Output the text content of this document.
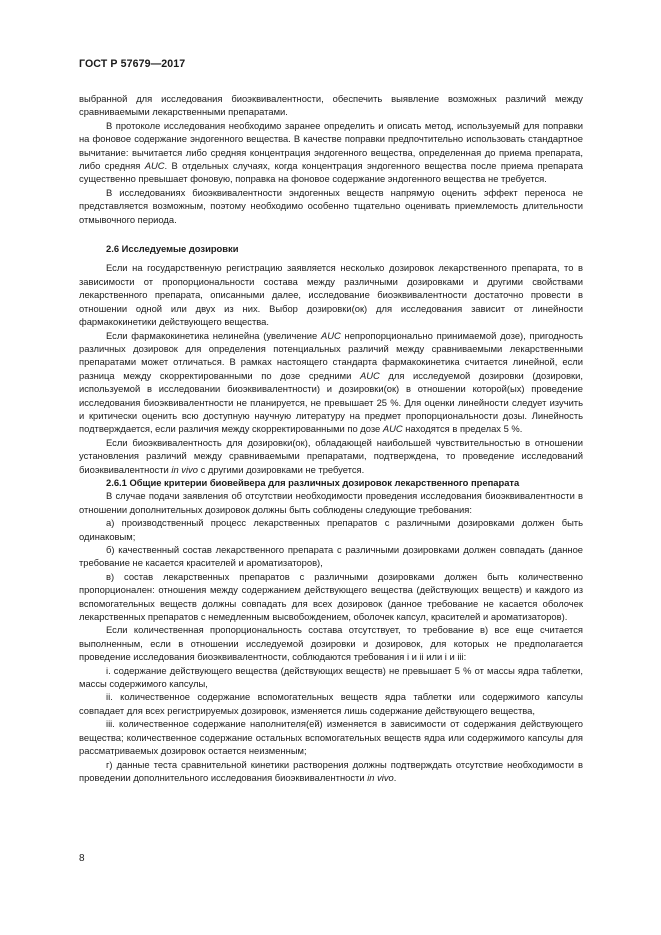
ГОСТ Р 57679—2017

выбранной для исследования биоэквивалентности, обеспечить выявление возможных различий между сравниваемыми лекарственными препаратами.

В протоколе исследования необходимо заранее определить и описать метод, используемый для поправки на фоновое содержание эндогенного вещества. В качестве поправки предпочтительно использовать стандартное вычитание: вычитается либо средняя концентрация эндогенного вещества, определенная до приема препарата, либо средняя AUC. В отдельных случаях, когда концентрация эндогенного вещества после приема препарата существенно превышает фоновую, поправка на фоновое содержание эндогенного вещества не требуется.

В исследованиях биоэквивалентности эндогенных веществ напрямую оценить эффект переноса не представляется возможным, поэтому необходимо особенно тщательно оценивать приемлемость длительности отмывочного периода.

2.6 Исследуемые дозировки

Если на государственную регистрацию заявляется несколько дозировок лекарственного препарата, то в зависимости от пропорциональности состава между различными дозировками и другими свойствами лекарственного препарата, описанными далее, исследование биоэквивалентности достаточно провести в отношении одной или двух из них. Выбор дозировки(ок) для исследования зависит от линейности фармакокинетики действующего вещества.

Если фармакокинетика нелинейна (увеличение AUC непропорционально принимаемой дозе), пригодность различных дозировок для определения потенциальных различий между сравниваемыми лекарственными препаратами может отличаться. В рамках настоящего стандарта фармакокинетика считается линейной, если разница между скорректированными по дозе средними AUC для исследуемой дозировки (дозировки, используемой в исследовании биоэквивалентности) и дозировки(ок) в отношении которой(ых) проведение исследования биоэквивалентности не планируется, не превышает 25 %. Для оценки линейности следует изучить и критически оценить всю доступную научную литературу на предмет пропорциональности дозы. Линейность подтверждается, если различия между скорректированными по дозе AUC находятся в пределах 5 %.

Если биоэквивалентность для дозировки(ок), обладающей наибольшей чувствительностью в отношении установления различий между сравниваемыми препаратами, подтверждена, то проведение исследований биоэквивалентности in vivo с другими дозировками не требуется.

2.6.1 Общие критерии биовейвера для различных дозировок лекарственного препарата

В случае подачи заявления об отсутствии необходимости проведения исследования биоэквивалентности в отношении дополнительных дозировок должны быть соблюдены следующие требования:

а) производственный процесс лекарственных препаратов с различными дозировками должен быть одинаковым;

б) качественный состав лекарственного препарата с различными дозировками должен совпадать (данное требование не касается красителей и ароматизаторов),

в) состав лекарственных препаратов с различными дозировками должен быть количественно пропорционален: отношения между содержанием действующего вещества (действующих веществ) и каждого из вспомогательных веществ должны совпадать для всех дозировок (данное требование не касается оболочек лекарственных препаратов с немедленным высвобождением, оболочек капсул, красителей и ароматизаторов).

Если количественная пропорциональность состава отсутствует, то требование в) все еще считается выполненным, если в отношении исследуемой дозировки и дозировок, для которых не предполагается проведение исследования биоэквивалентности, соблюдаются требования i и ii или i и iii:

i. содержание действующего вещества (действующих веществ) не превышает 5 % от массы ядра таблетки, массы содержимого капсулы,

ii. количественное содержание вспомогательных веществ ядра таблетки или содержимого капсулы совпадает для всех регистрируемых дозировок, изменяется лишь содержание действующего вещества,

iii. количественное содержание наполнителя(ей) изменяется в зависимости от содержания действующего вещества; количественное содержание остальных вспомогательных веществ ядра или содержимого капсулы для рассматриваемых дозировок остается неизменным;

г) данные теста сравнительной кинетики растворения должны подтверждать отсутствие необходимости в проведении дополнительного исследования биоэквивалентности in vivo.

8
